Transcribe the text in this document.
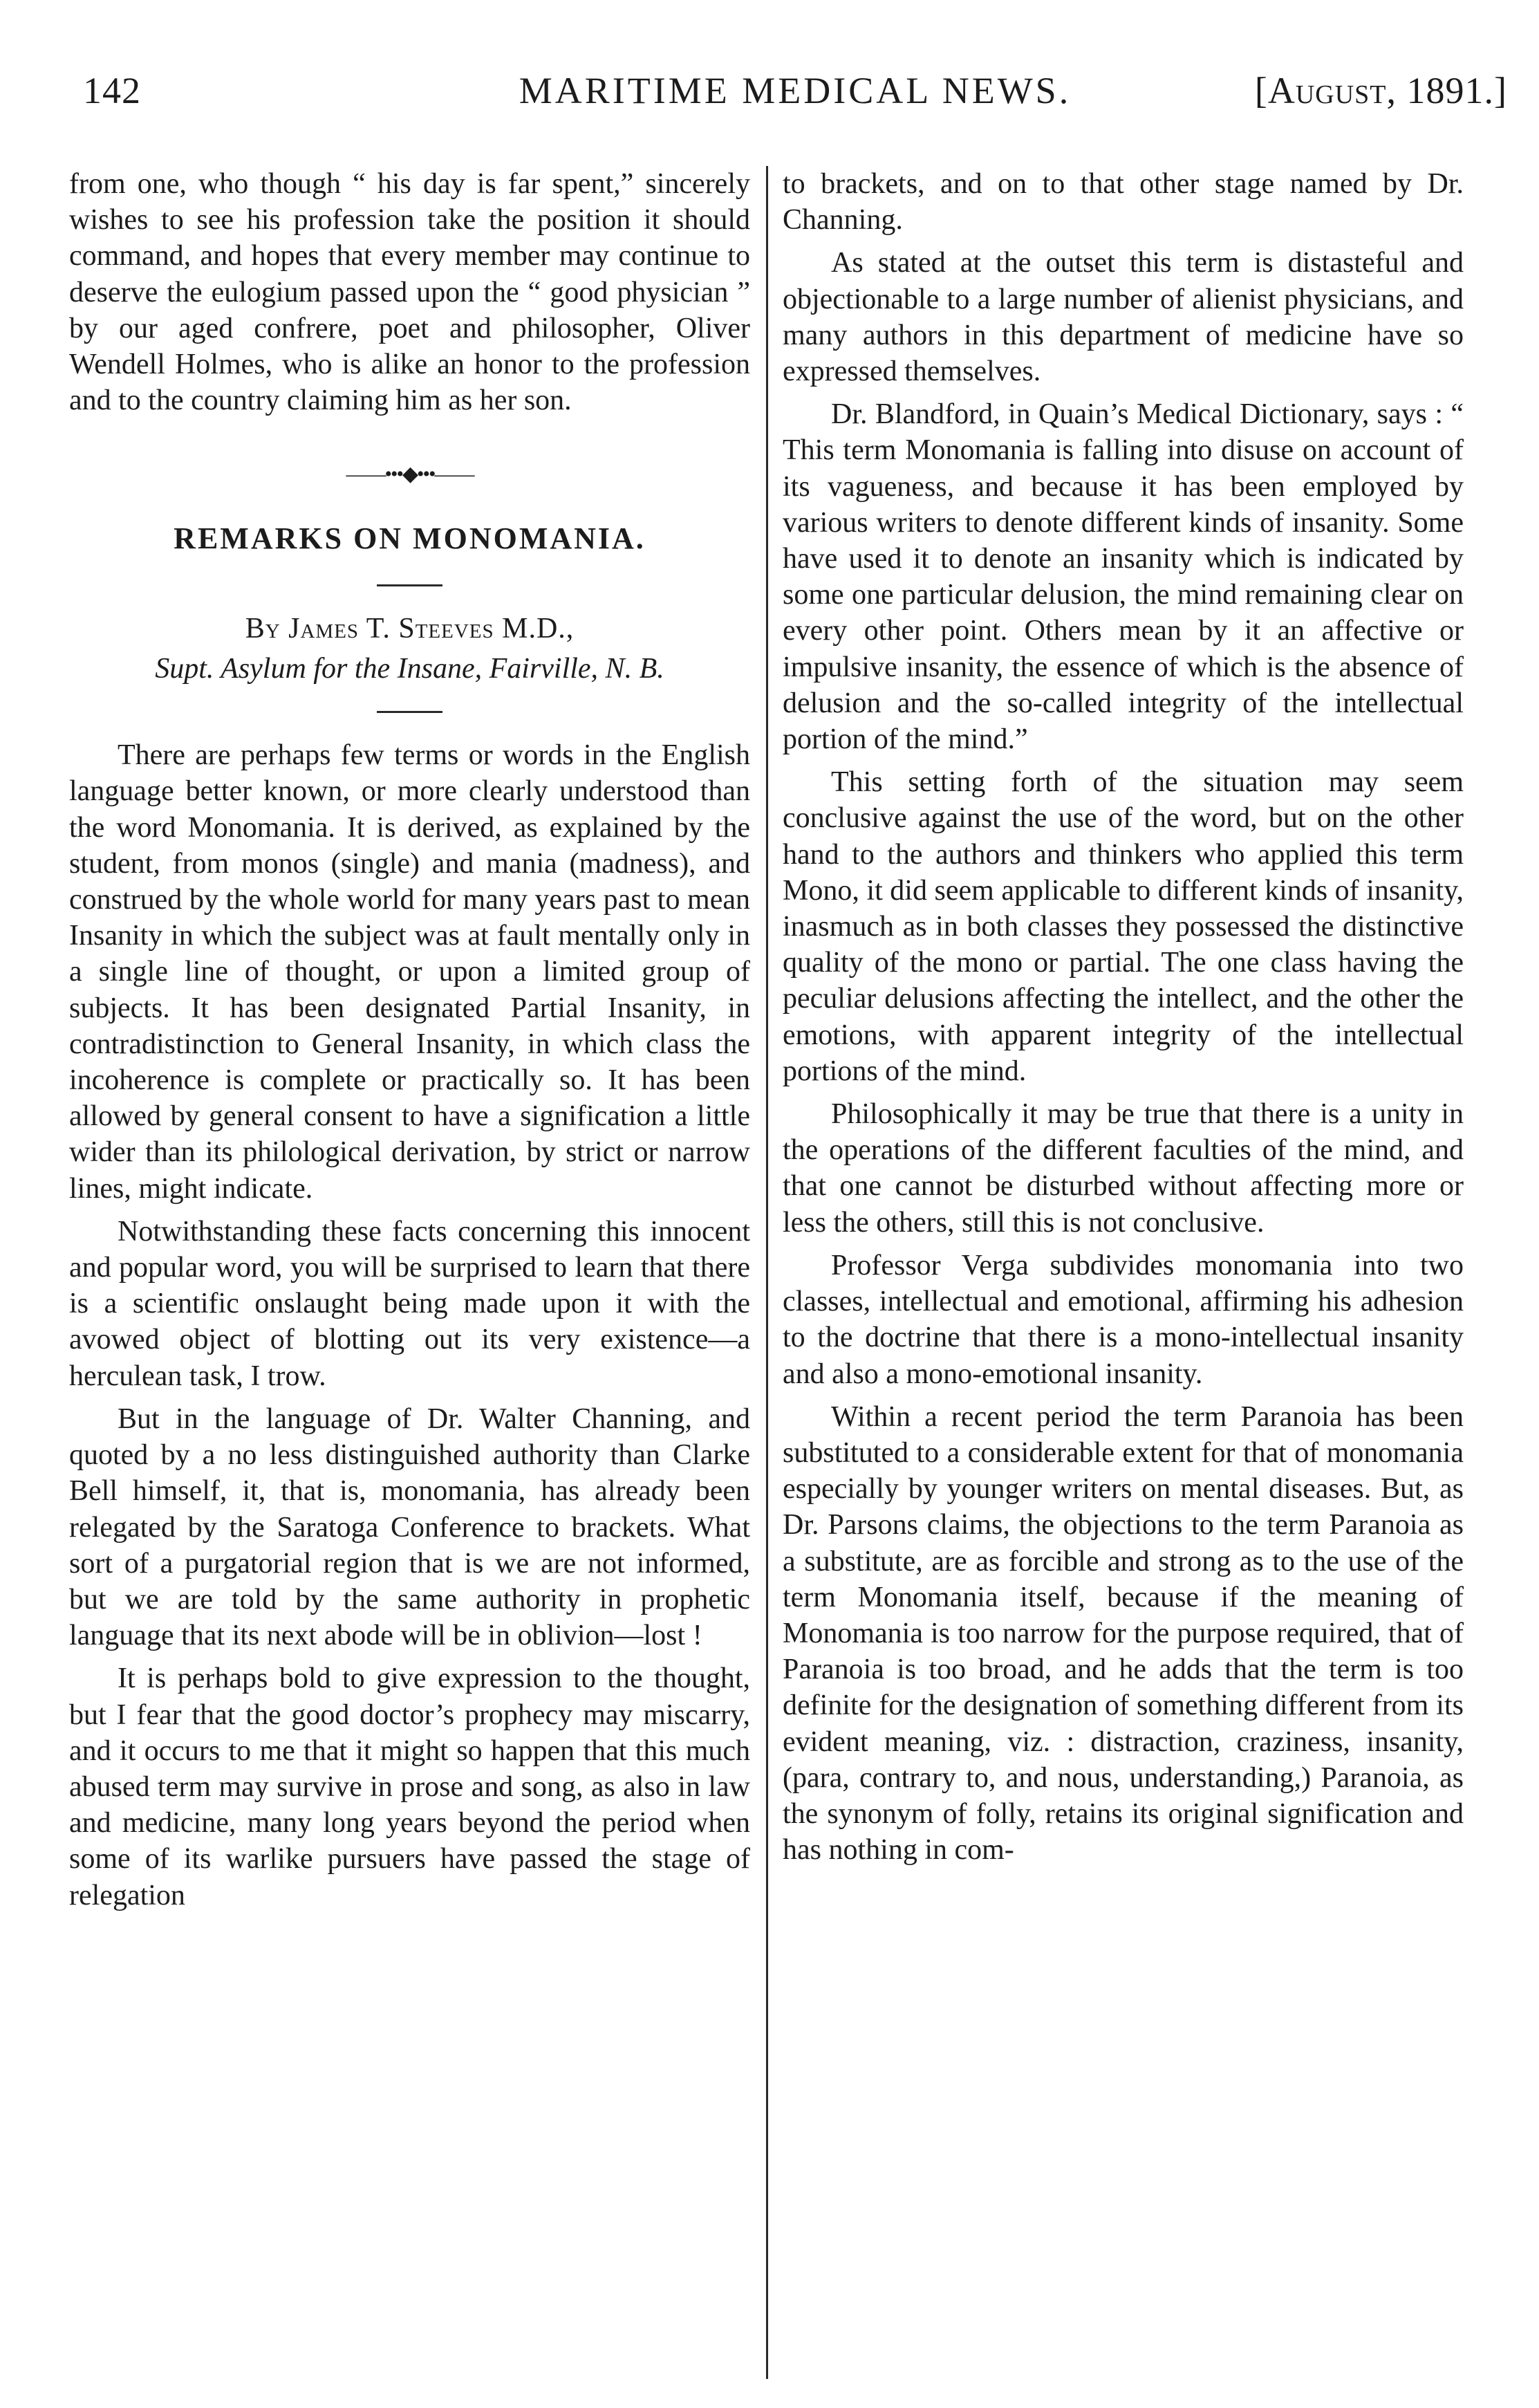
142	MARITIME MEDICAL NEWS.	[August, 1891.]

from one, who though “ his day is far spent,” sincerely wishes to see his profession take the position it should command, and hopes that every member may continue to deserve the eulogium passed upon the “ good physician ” by our aged confrere, poet and philosopher, Oliver Wendell Holmes, who is alike an honor to the profession and to the country claiming him as her son.

——•••◆•••——
REMARKS ON MONOMANIA.
By James T. Steeves M.D.,
Supt. Asylum for the Insane, Fairville, N. B.

There are perhaps few terms or words in the English language better known, or more clearly understood than the word Monomania. It is derived, as explained by the student, from monos (single) and mania (madness), and construed by the whole world for many years past to mean Insanity in which the subject was at fault mentally only in a single line of thought, or upon a limited group of subjects. It has been designated Partial Insanity, in contradistinction to General Insanity, in which class the incoherence is complete or practically so. It has been allowed by general consent to have a signification a little wider than its philological derivation, by strict or narrow lines, might indicate.

Notwithstanding these facts concerning this innocent and popular word, you will be surprised to learn that there is a scientific onslaught being made upon it with the avowed object of blotting out its very existence—a herculean task, I trow.

But in the language of Dr. Walter Channing, and quoted by a no less distinguished authority than Clarke Bell himself, it, that is, monomania, has already been relegated by the Saratoga Conference to brackets. What sort of a purgatorial region that is we are not informed, but we are told by the same authority in prophetic language that its next abode will be in oblivion—lost !

It is perhaps bold to give expression to the thought, but I fear that the good doctor’s prophecy may miscarry, and it occurs to me that it might so happen that this much abused term may survive in prose and song, as also in law and medicine, many long years beyond the period when some of its warlike pursuers have passed the stage of relegation

to brackets, and on to that other stage named by Dr. Channing.

As stated at the outset this term is distasteful and objectionable to a large number of alienist physicians, and many authors in this department of medicine have so expressed themselves.

Dr. Blandford, in Quain’s Medical Dictionary, says : “ This term Monomania is falling into disuse on account of its vagueness, and because it has been employed by various writers to denote different kinds of insanity. Some have used it to denote an insanity which is indicated by some one particular delusion, the mind remaining clear on every other point. Others mean by it an affective or impulsive insanity, the essence of which is the absence of delusion and the so-called integrity of the intellectual portion of the mind.”

This setting forth of the situation may seem conclusive against the use of the word, but on the other hand to the authors and thinkers who applied this term Mono, it did seem applicable to different kinds of insanity, inasmuch as in both classes they possessed the distinctive quality of the mono or partial. The one class having the peculiar delusions affecting the intellect, and the other the emotions, with apparent integrity of the intellectual portions of the mind.

Philosophically it may be true that there is a unity in the operations of the different faculties of the mind, and that one cannot be disturbed without affecting more or less the others, still this is not conclusive.

Professor Verga subdivides monomania into two classes, intellectual and emotional, affirming his adhesion to the doctrine that there is a mono-intellectual insanity and also a mono-emotional insanity.

Within a recent period the term Paranoia has been substituted to a considerable extent for that of monomania especially by younger writers on mental diseases. But, as Dr. Parsons claims, the objections to the term Paranoia as a substitute, are as forcible and strong as to the use of the term Monomania itself, because if the meaning of Monomania is too narrow for the purpose required, that of Paranoia is too broad, and he adds that the term is too definite for the designation of something different from its evident meaning, viz. : distraction, craziness, insanity, (para, contrary to, and nous, understanding,) Paranoia, as the synonym of folly, retains its original signification and has nothing in com-
